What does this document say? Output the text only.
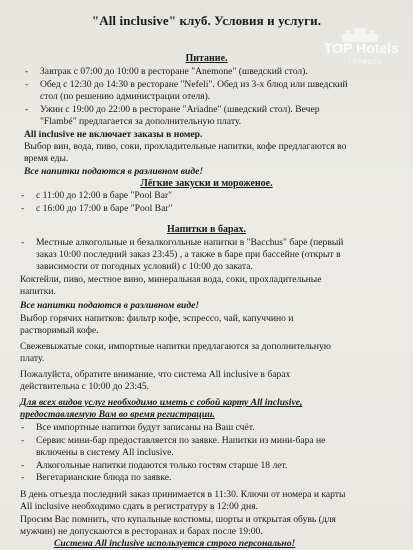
TOP Hotels
ТУРИСТА
"All inclusive" клуб. Условия и услуги.
Питание.
- Завтрак с 07:00 до 10:00 в ресторане "Anemone" (шведский стол).
- Обед с 12:30 до 14:30 в ресторане "Nefeli". Обед из 3-х блюд или шведский
стол (по решению администрации отеля).
- Ужин с 19:00 до 22:00 в ресторане "Ariadne" (шведский стол). Вечер
"Flambé" предлагается за дополнительную плату.
All inclusive не включает заказы в номер.
Выбор вин, вода, пиво, соки, прохладительные напитки, кофе предлагаются во
время еды.
Все напитки подаются в разливном виде!
Лёгкие закуски и мороженое.
- с 11:00 до 12:00 в баре "Pool Bar"
- с 16:00 до 17:00 в баре "Pool Bar"
Напитки в барах.
- Местные алкогольные и безалкогольные напитки в "Bacchus" баре (первый
заказ 10:00 последний заказ 23:45) , а также в баре при бассейне (открыт в
зависимости от погодных условий) с 10:00 до заката.
Коктейли, пиво, местное вино, минеральная вода, соки, прохладительные
напитки.
Все напитки подаются в разливном виде!
Выбор горячих напитков: фильтр кофе, эспрессо, чай, капуччино и
растворимый кофе.
Свежевыжатые соки, импортные напитки предлагаются за дополнительную
плату.
Пожалуйста, обратите внимание, что система All inclusive в барах
действительна с 10:00 до 23:45.
Для всех видов услуг необходимо иметь с собой карту All inclusive,
предоставляемую Вам во время регистрации.
- Все импортные напитки будут записаны на Ваш счёт.
- Сервис мини-бар предоставляется по заявке. Напитки из мини-бара не
включены в систему All inclusive.
- Алкогольные напитки подаются только гостям старше 18 лет.
- Вегетарианские блюда по заявке.
В день отъезда последний заказ принимается в 11:30. Ключи от номера и карты
All inclusive необходимо сдать в регистратуру в 12:00 дня.
Просим Вас помнить, что купальные костюмы, шорты и открытая обувь (для
мужчин) не допускаются в ресторанах и барах после 19:00.
Система All inclusive используется строго персонально!
